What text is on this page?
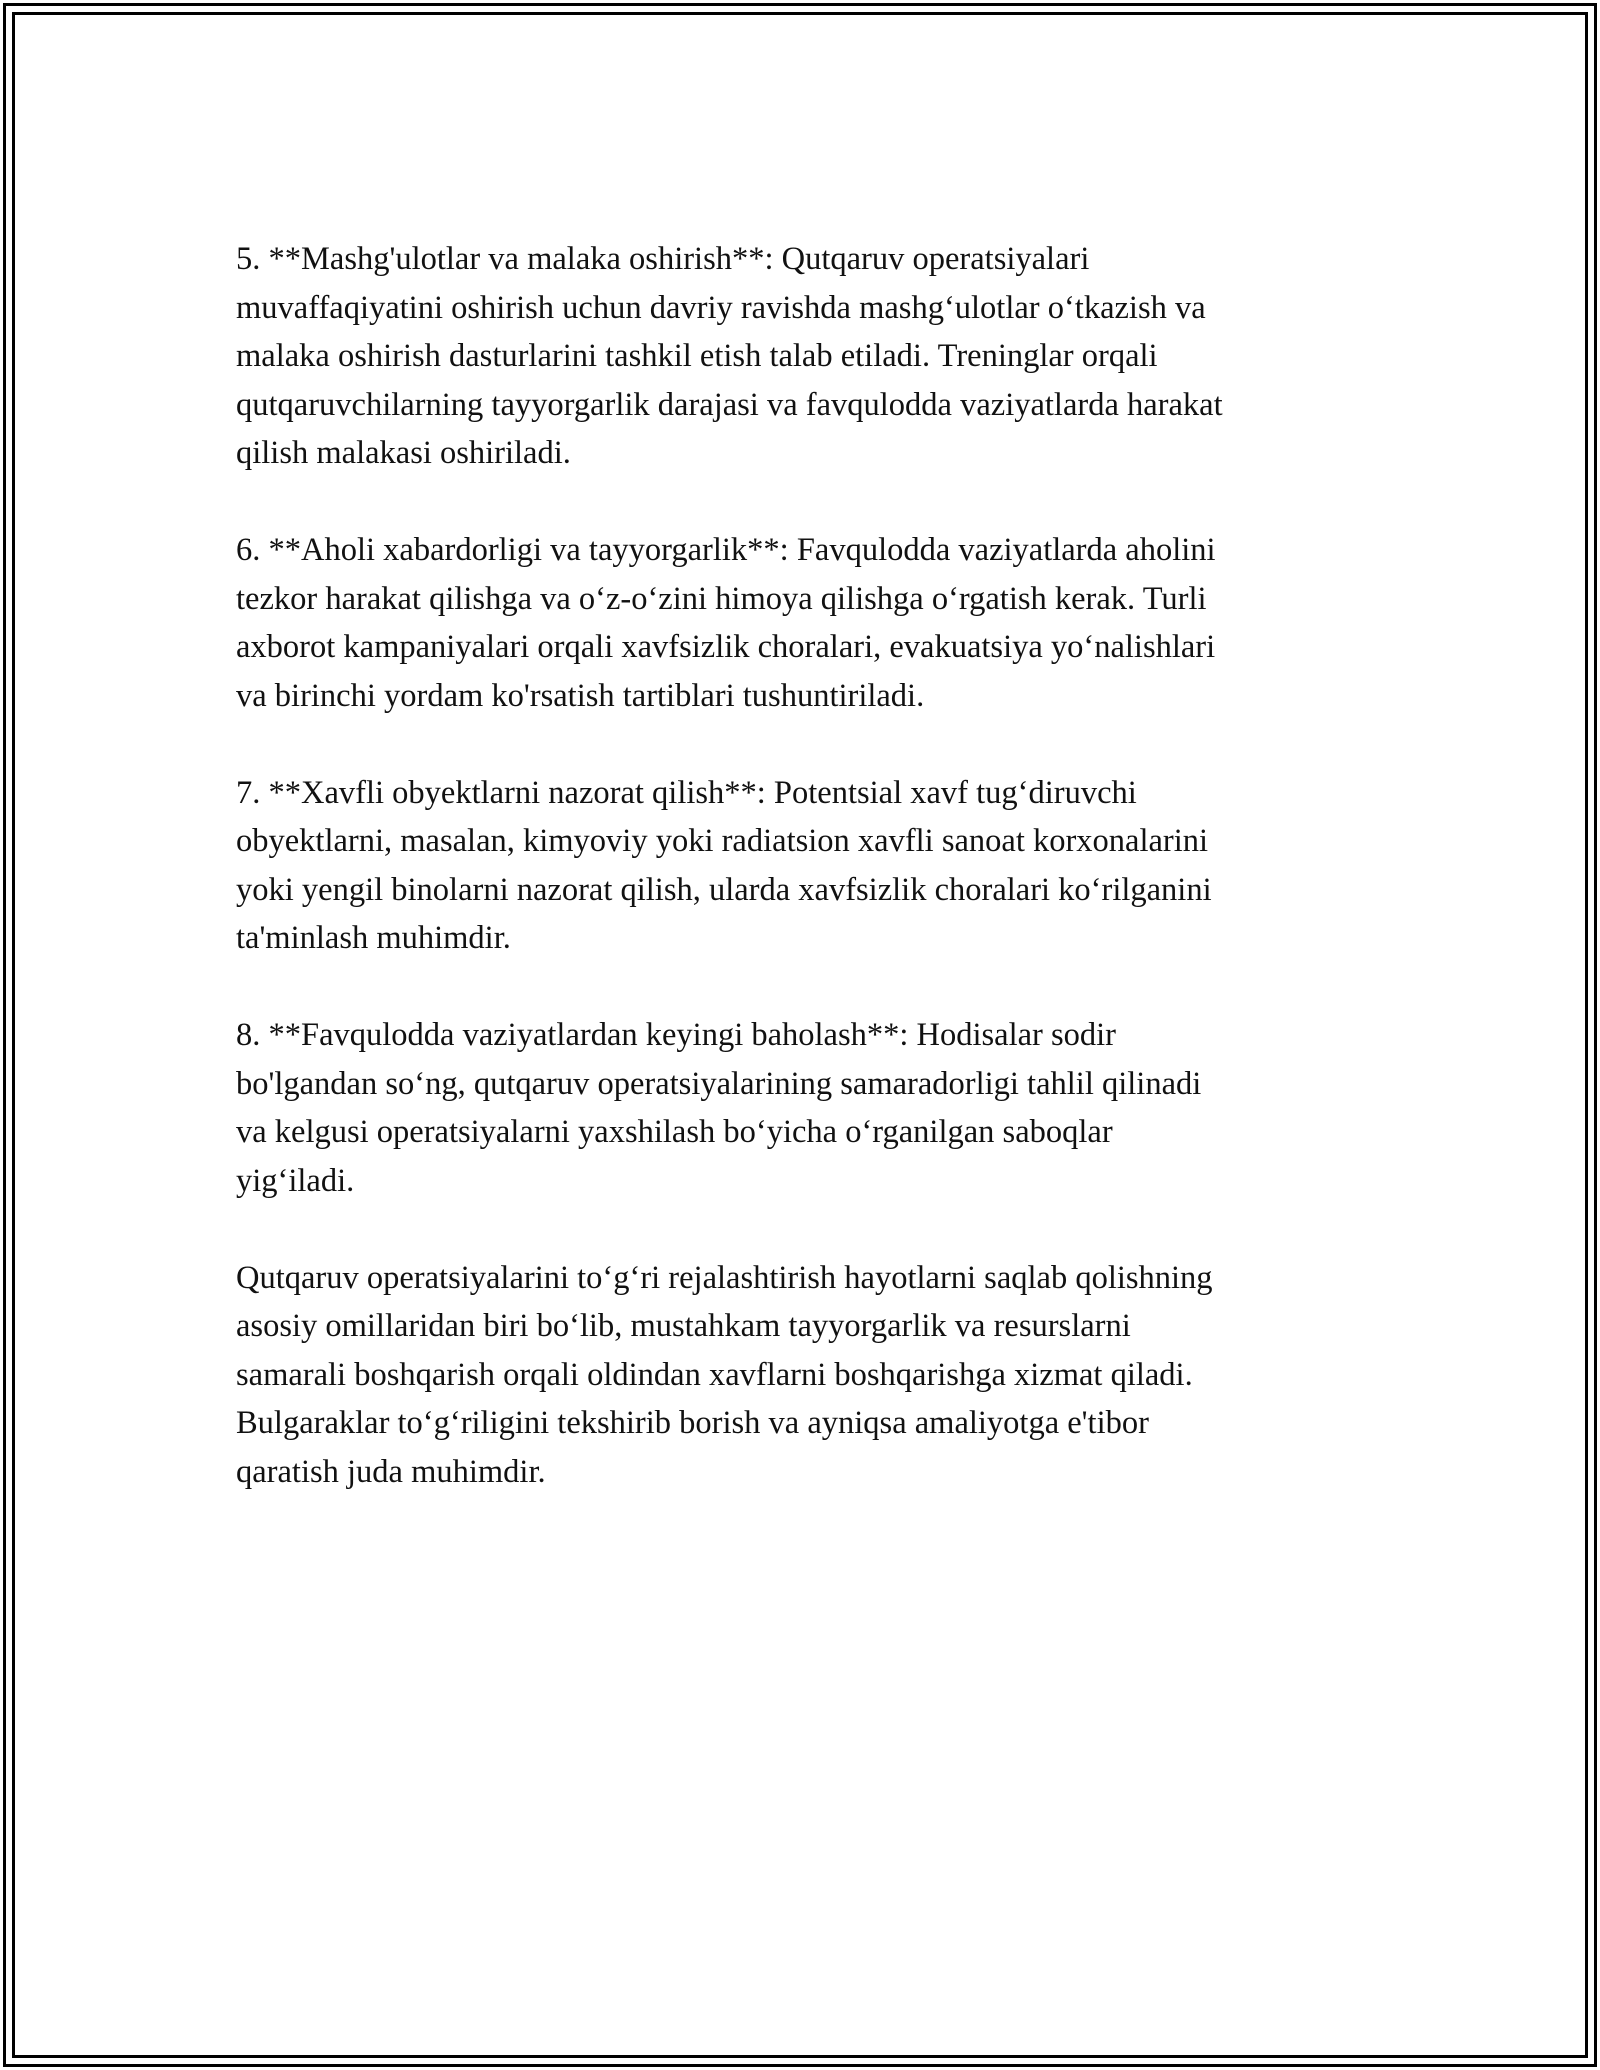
5. **Mashg'ulotlar va malaka oshirish**: Qutqaruv operatsiyalari
muvaffaqiyatini oshirish uchun davriy ravishda mashg‘ulotlar o‘tkazish va
malaka oshirish dasturlarini tashkil etish talab etiladi. Treninglar orqali
qutqaruvchilarning tayyorgarlik darajasi va favqulodda vaziyatlarda harakat
qilish malakasi oshiriladi.

6. **Aholi xabardorligi va tayyorgarlik**: Favqulodda vaziyatlarda aholini
tezkor harakat qilishga va o‘z-o‘zini himoya qilishga o‘rgatish kerak. Turli
axborot kampaniyalari orqali xavfsizlik choralari, evakuatsiya yo‘nalishlari
va birinchi yordam ko'rsatish tartiblari tushuntiriladi.

7. **Xavfli obyektlarni nazorat qilish**: Potentsial xavf tug‘diruvchi
obyektlarni, masalan, kimyoviy yoki radiatsion xavfli sanoat korxonalarini
yoki yengil binolarni nazorat qilish, ularda xavfsizlik choralari ko‘rilganini
ta'minlash muhimdir.

8. **Favqulodda vaziyatlardan keyingi baholash**: Hodisalar sodir
bo'lgandan so‘ng, qutqaruv operatsiyalarining samaradorligi tahlil qilinadi
va kelgusi operatsiyalarni yaxshilash bo‘yicha o‘rganilgan saboqlar
yig‘iladi.

Qutqaruv operatsiyalarini to‘g‘ri rejalashtirish hayotlarni saqlab qolishning
asosiy omillaridan biri bo‘lib, mustahkam tayyorgarlik va resurslarni
samarali boshqarish orqali oldindan xavflarni boshqarishga xizmat qiladi.
Bulgaraklar to‘g‘riligini tekshirib borish va ayniqsa amaliyotga e'tibor
qaratish juda muhimdir.
